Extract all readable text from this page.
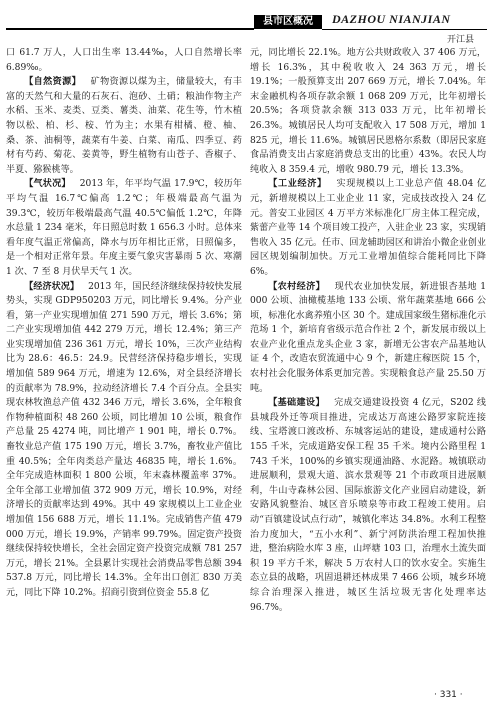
县市区概况	DAZHOU NIANJIAN
开江县

口 61.7 万人，人口出生率 13.44‰，人口自然增长率 6.89‰。

【自然资源】  矿物资源以煤为主，储量较大，有丰富的天然气和大量的石灰石、泡砂、土硝；粮油作物主产水稻、玉米、麦类、豆类、薯类、油菜、花生等，竹木植物以松、柏、杉、桉、竹为主；水果有柑橘、橙、柚、桑、茶、油桐等，蔬菜有牛姜、白菜、南瓜、四季豆、药材有芍药、菊花、姜黄等，野生植物有山苍子、香椒子、半夏、猕猴桃等。

【气状况】  2013 年，年平均气温 17.9℃，较历年平均气温 16.7℃偏高 1.2℃；年极端最高气温为 39.3℃，较历年极端最高气温 40.5℃偏低 1.2℃，年降水总量 1 234 毫米，年日照总时数 1 656.3 小时。总体来看年度气温正常偏高，降水与历年相比正常，日照偏多，是一个相对正常年景。年度主要气象灾害暴雨 5 次、寒潮 1 次、7 至 8 月伏旱天气 1 次。

【经济状况】  2013 年，国民经济继续保持较快发展势头，实现 GDP950203 万元，同比增长 9.4%。分产业看，第一产业实现增加值 271 590 万元，增长 3.6%；第二产业实现增加值 442 279 万元，增长 12.4%；第三产业实现增加值 236 361 万元，增长 10%，三次产业结构比为 28.6：46.5：24.9。民营经济保持稳步增长，实现增加值 589 964 万元，增速为 12.6%，对全县经济增长的贡献率为 78.9%，拉动经济增长 7.4 个百分点。全县实现农林牧渔总产值 432 346 万元，增长 3.6%，全年粮食作物种植面积 48 260 公顷，同比增加 10 公顷，粮食作产总量 25 4274 吨，同比增产 1 901 吨，增长 0.7%。畜牧业总产值 175 190 万元，增长 3.7%，畜牧业产值比重 40.5%；全年肉类总产量达 46835 吨，增长 1.6%。全年完成造林面积 1 800 公顷，年末森林覆盖率 37%。全年全部工业增加值 372 909 万元，增长 10.9%，对经济增长的贡献率达到 49%。其中 49 家规模以上工业企业增加值 156 688 万元，增长 11.1%。完成销售产值 479 000 万元，增长 19.9%，产销率 99.79%。固定资产投资继续保持较快增长，全社会固定资产投资完成额 781 257 万元，增长 21%。全县累计实现社会消费品零售总额 394 537.8 万元，同比增长 14.3%。全年出口创汇 830 万美元，同比下降 10.2%。招商引资到位资金 55.8 亿

元，同比增长 22.1%。地方公共财政收入 37 406 万元，增长 16.3%，其中税收收入 24 363 万元，增长 19.1%；一般预算支出 207 669 万元，增长 7.04%。年末金融机构各项存款余额 1 068 209 万元，比年初增长 20.5%；各项贷款余额 313 033 万元，比年初增长 26.3%。城镇居民人均可支配收入 17 508 万元，增加 1 825 元，增长 11.6%。城镇居民恩格尔系数（即居民家庭食品消费支出占家庭消费总支出的比重）43%。农民人均纯收入 8 359.4 元，增收 980.79 元，增长 13.3%。

【工业经济】  实现规模以上工业总产值 48.04 亿元，新增规模以上工业企业 11 家，完成技改投入 24 亿元。普安工业园区 4 万平方米标准化厂房主体工程完成，紫蕾产业等 14 个项目竣工投产，入驻企业 23 家，实现销售收入 35 亿元。任市、回龙辅助园区和讲治小微企业创业园区规划编制加快。万元工业增加值综合能耗同比下降 6%。

【农村经济】  现代农业加快发展，新进银杏基地 1 000 公顷、油橄榄基地 133 公顷、常年蔬菜基地 666 公顷，标准化水禽养殖小区 30 个。建成国家级生猪标准化示范场 1 个，新培育省级示范合作社 2 个，新发展市级以上农业产业化重点龙头企业 3 家，新增无公害农产品基地认证 4 个，改造农贸流通中心 9 个，新建庄稼医院 15 个，农村社会化服务体系更加完善。实现粮食总产量 25.50 万吨。

【基础建设】  完成交通建设投资 4 亿元，S202 线县城段外迁等项目推进，完成达万高速公路罗家院连接线、宝塔渡口渡改桥、东城客运站的建设，建成通村公路 155 千米，完成道路安保工程 35 千米。境内公路里程 1 743 千米，100%的乡镇实现通油路、水泥路。城镇联动进展顺利，景观大道、滨水景观等 21 个市政项目进展顺利，牛山寺森林公园、国际旅游文化产业园启动建设，新安路风貌整治、城区音乐喷泉等市政工程竣工使用。启动“百镇建设试点行动”，城镇化率达 34.8%。水利工程整治力度加大，“五小水利”、新宁河防洪治理工程加快推进，整治病险水库 3 座，山坪塘 103 口，治理水土流失面积 19 平方千米，解决 5 万农村人口的饮水安全。实施生态立县的战略，巩固退耕还林成果 7 466 公顷，城乡环境综合治理深入推进，城区生活垃圾无害化处理率达 96.7%。

· 331 ·
